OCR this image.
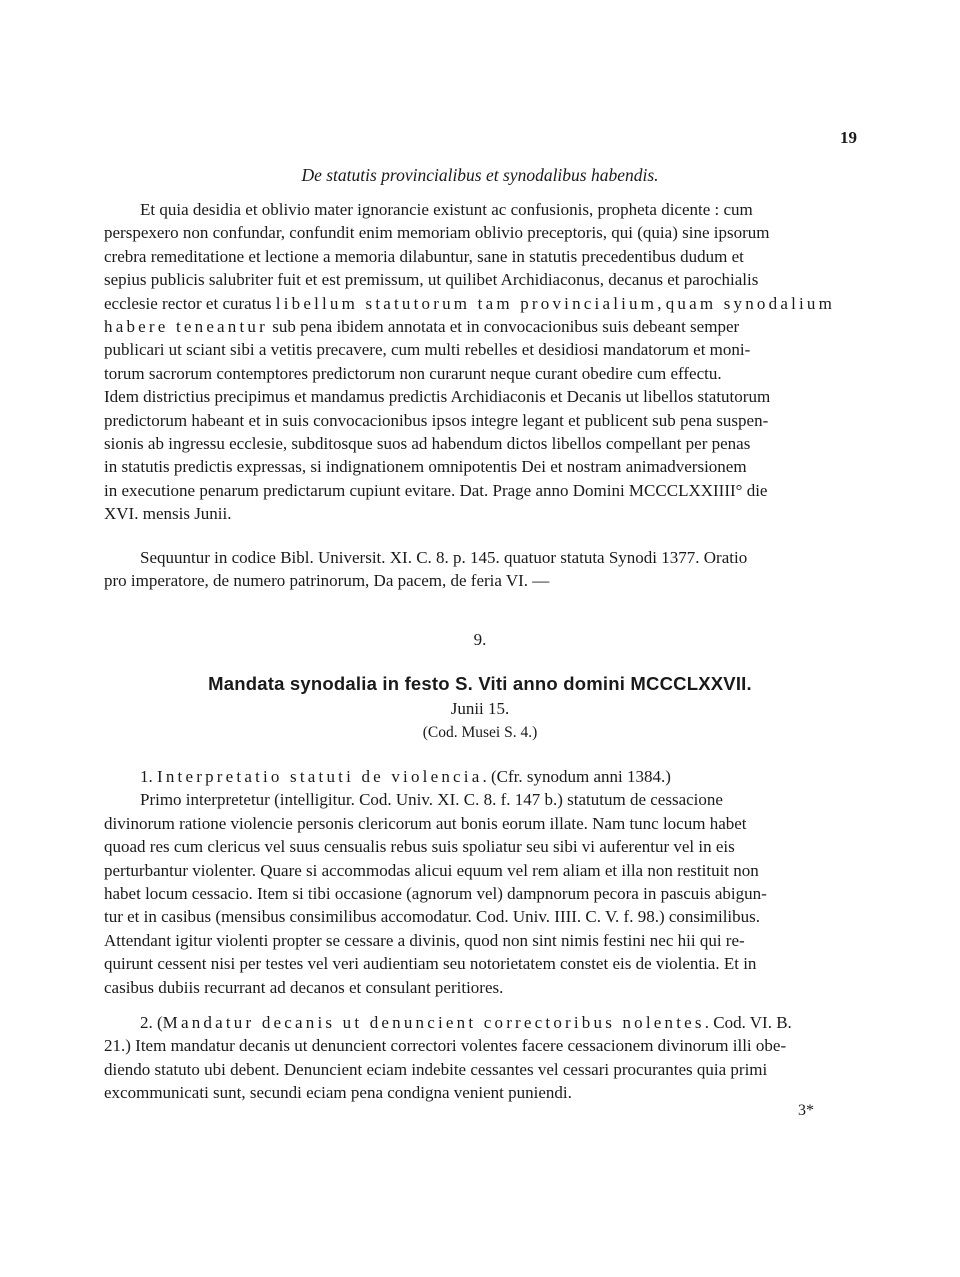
19
De statutis provincialibus et synodalibus habendis.

Et quia desidia et oblivio mater ignorancie existunt ac confusionis, propheta dicente : cum

perspexero non confundar, confundit enim memoriam oblivio preceptoris, qui (quia) sine ipsorum

crebra remeditatione et lectione a memoria dilabuntur, sane in statutis precedentibus dudum et

sepius publicis salubriter fuit et est premissum, ut quilibet Archidiaconus, decanus et parochialis

ecclesie rector et curatus libellum statutorum tam provincialium, quam synodalium

habere teneantur sub pena ibidem annotata et in convocacionibus suis debeant semper

publicari ut sciant sibi a vetitis precavere, cum multi rebelles et desidiosi mandatorum et moni-

torum sacrorum contemptores predictorum non curarunt neque curant obedire cum effectu.

Idem districtius precipimus et mandamus predictis Archidiaconis et Decanis ut libellos statutorum

predictorum habeant et in suis convocacionibus ipsos integre legant et publicent sub pena suspen-

sionis ab ingressu ecclesie, subditosque suos ad habendum dictos libellos compellant per penas

in statutis predictis expressas, si indignationem omnipotentis Dei et nostram animadversionem

in executione penarum predictarum cupiunt evitare. Dat. Prage anno Domini MCCCLXXIIII° die

XVI. mensis Junii.

Sequuntur in codice Bibl. Universit. XI. C. 8. p. 145. quatuor statuta Synodi 1377. Oratio

pro imperatore, de numero patrinorum, Da pacem, de feria VI. —

9.
Mandata synodalia in festo S. Viti anno domini MCCCLXXVII.
Junii 15.
(Cod. Musei S. 4.)

1. Interpretatio statuti de violencia. (Cfr. synodum anni 1384.)

Primo interpretetur (intelligitur. Cod. Univ. XI. C. 8. f. 147 b.) statutum de cessacione

divinorum ratione violencie personis clericorum aut bonis eorum illate. Nam tunc locum habet

quoad res cum clericus vel suus censualis rebus suis spoliatur seu sibi vi auferentur vel in eis

perturbantur violenter. Quare si accommodas alicui equum vel rem aliam et illa non restituit non

habet locum cessacio. Item si tibi occasione (agnorum vel) dampnorum pecora in pascuis abigun-

tur et in casibus (mensibus consimilibus accomodatur. Cod. Univ. IIII. C. V. f. 98.) consimilibus.

Attendant igitur violenti propter se cessare a divinis, quod non sint nimis festini nec hii qui re-

quirunt cessent nisi per testes vel veri audientiam seu notorietatem constet eis de violentia. Et in

casibus dubiis recurrant ad decanos et consulant peritiores.

2. (Mandatur decanis ut denuncient correctoribus nolentes. Cod. VI. B.

21.) Item mandatur decanis ut denuncient correctori volentes facere cessacionem divinorum illi obe-

diendo statuto ubi debent. Denuncient eciam indebite cessantes vel cessari procurantes quia primi

excommunicati sunt, secundi eciam pena condigna venient puniendi.

3*
